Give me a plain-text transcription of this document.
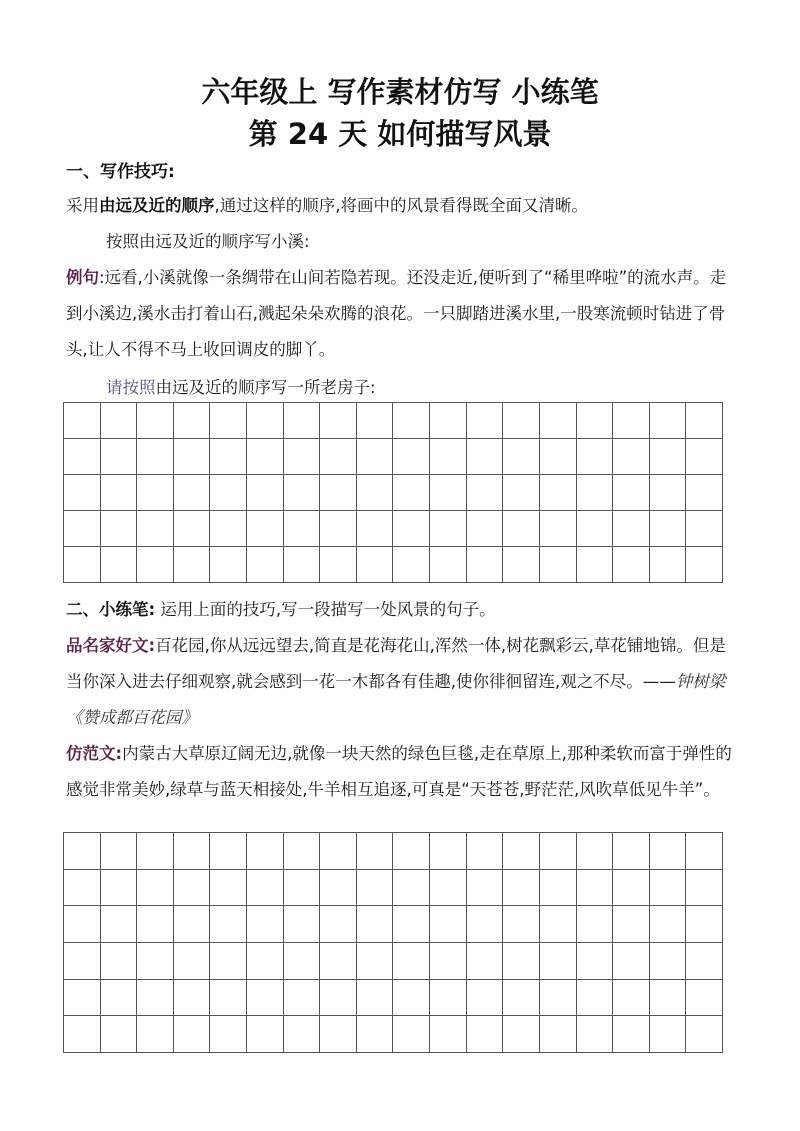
六年级上 写作素材仿写 小练笔
第 24 天 如何描写风景
一、写作技巧:

采用由远及近的顺序,通过这样的顺序,将画中的风景看得既全面又清晰。

按照由远及近的顺序写小溪:

例句:远看,小溪就像一条绸带在山间若隐若现。还没走近,便听到了“稀里哗啦”的流水声。走到小溪边,溪水击打着山石,溅起朵朵欢腾的浪花。一只脚踏进溪水里,一股寒流顿时钻进了骨头,让人不得不马上收回调皮的脚丫。

请按照由远及近的顺序写一所老房子:

二、小练笔: 运用上面的技巧,写一段描写一处风景的句子。

品名家好文:百花园,你从远远望去,简直是花海花山,浑然一体,树花飘彩云,草花铺地锦。但是当你深入进去仔细观察,就会感到一花一木都各有佳趣,使你徘徊留连,观之不尽。——钟树梁《赞成都百花园》

仿范文:内蒙古大草原辽阔无边,就像一块天然的绿色巨毯,走在草原上,那种柔软而富于弹性的感觉非常美妙,绿草与蓝天相接处,牛羊相互追逐,可真是“天苍苍,野茫茫,风吹草低见牛羊”。
